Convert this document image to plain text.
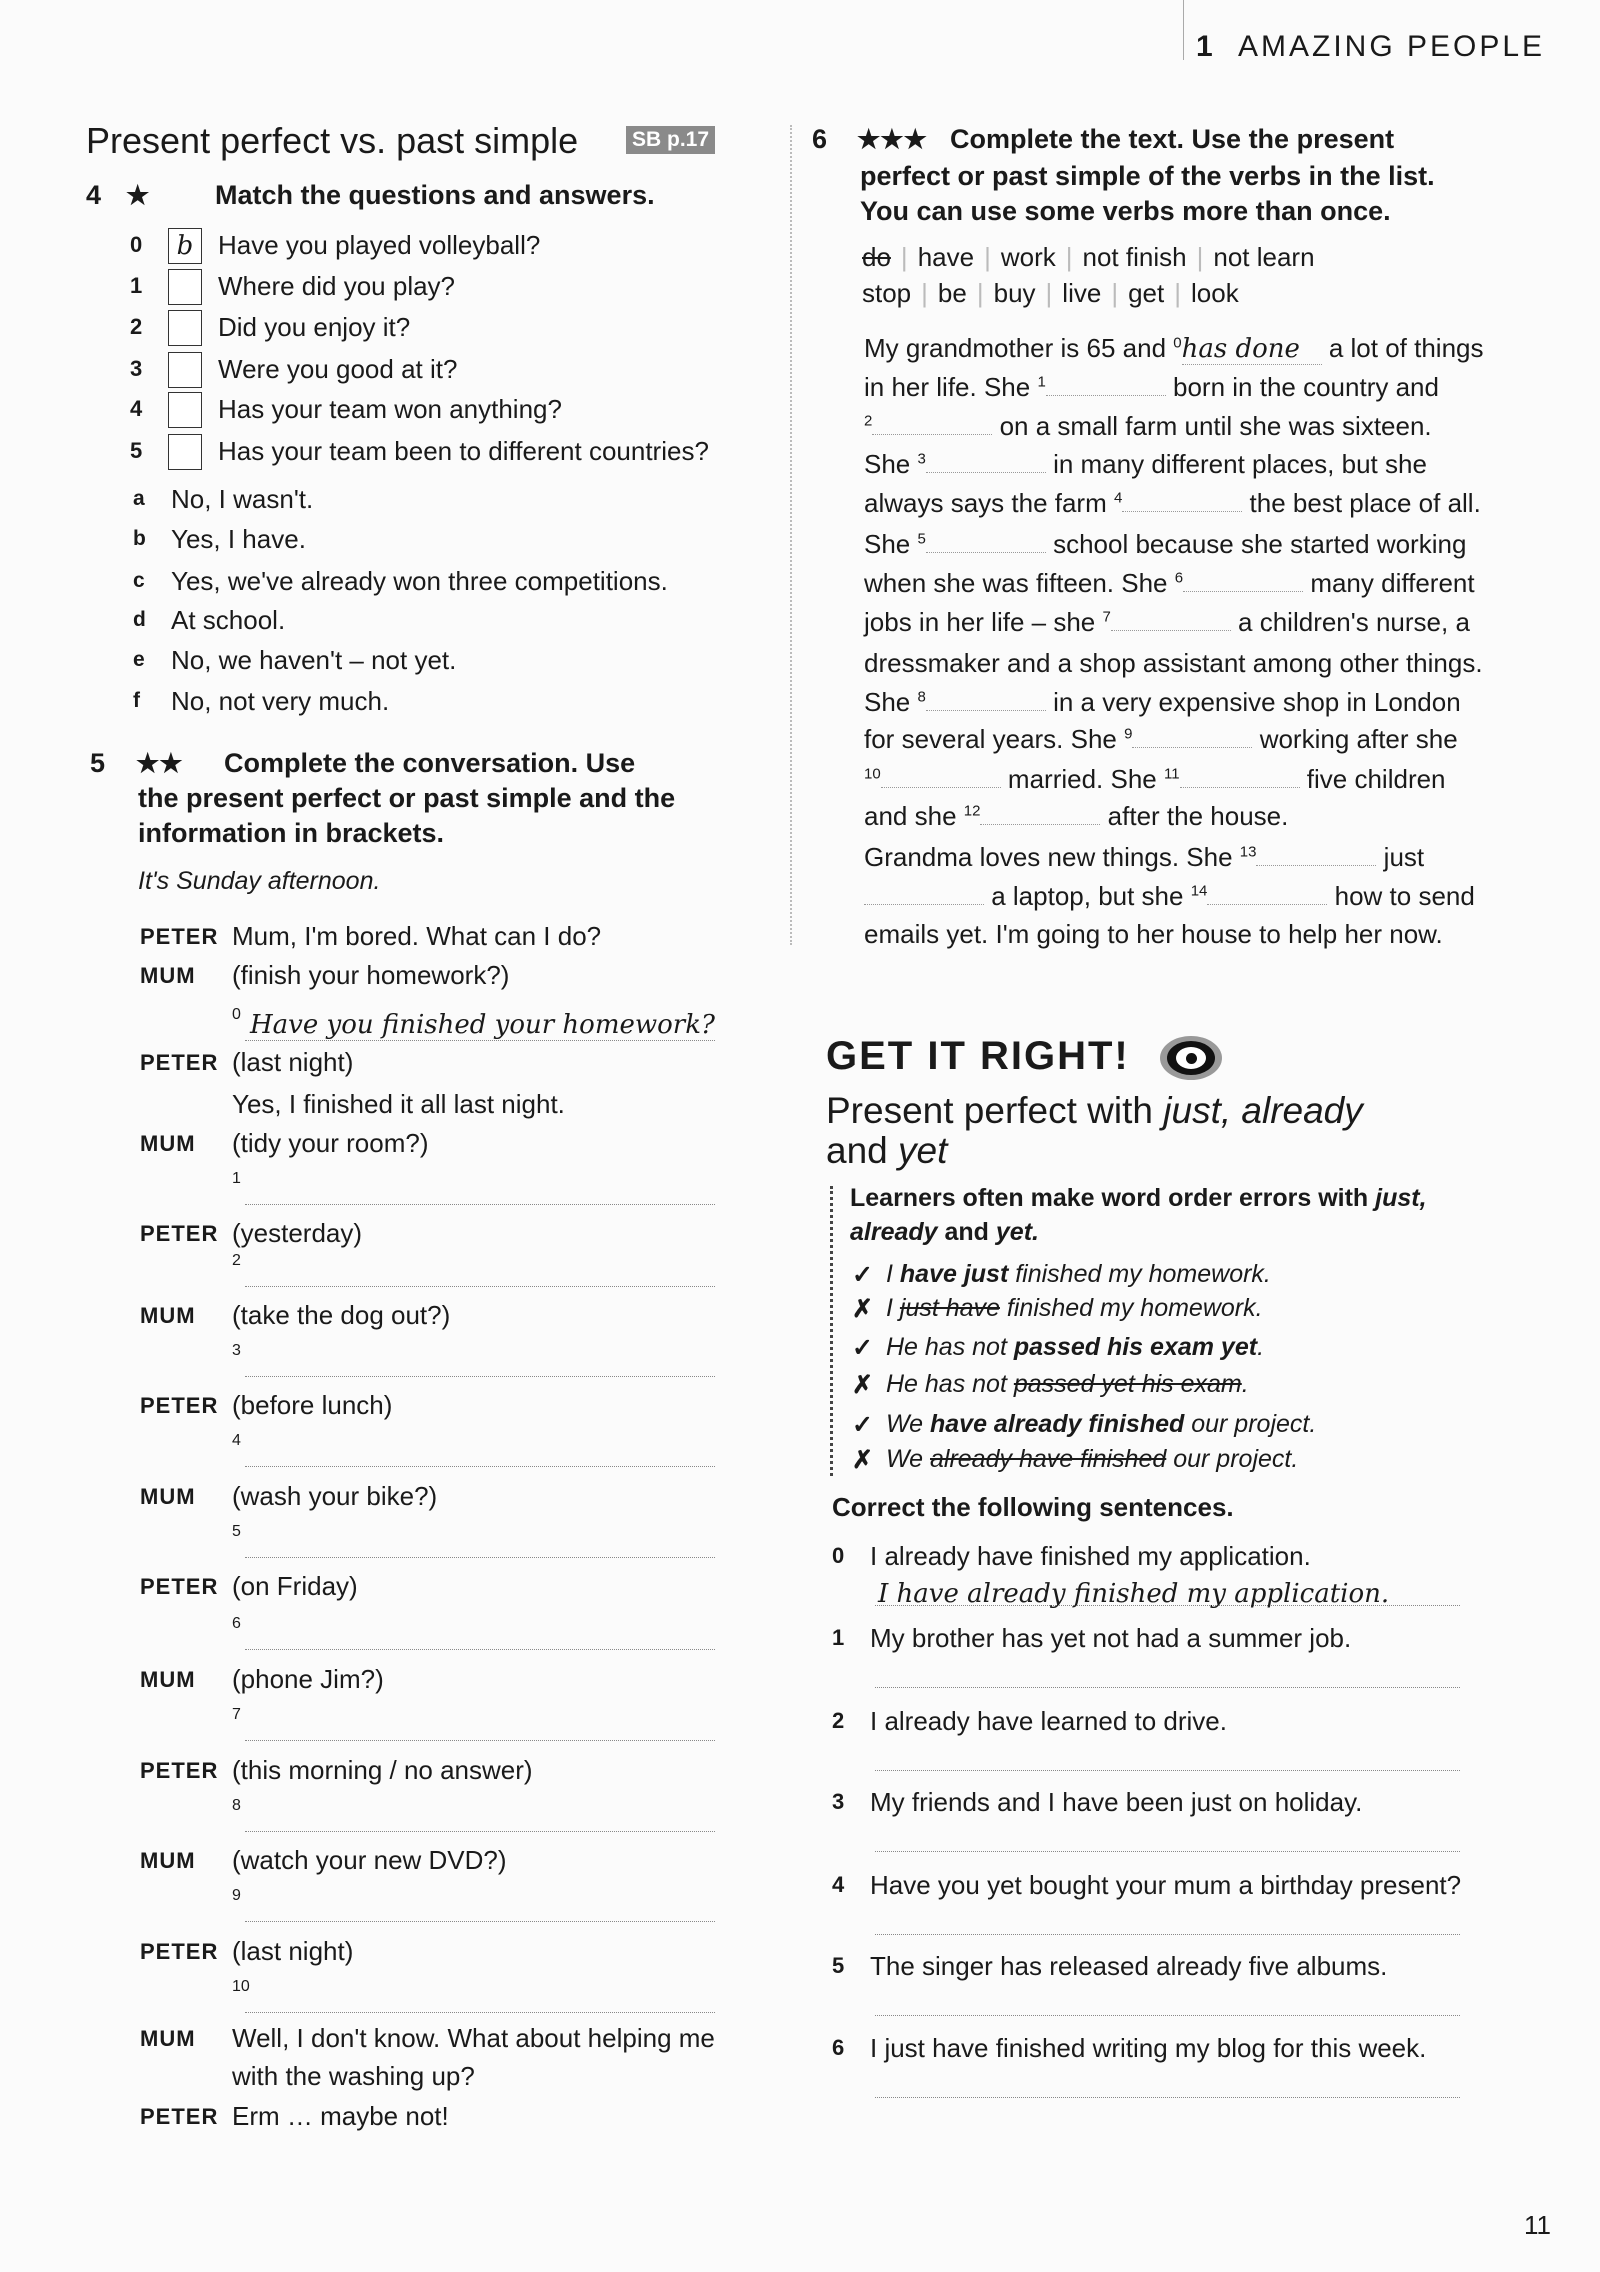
1 AMAZING PEOPLE
Present perfect vs. past simple	SB p.17
4 ★ Match the questions and answers.
5 ★★ Complete the conversation. Use
the present perfect or past simple and the
information in brackets.
It's Sunday afternoon.
6 ★★★ Complete the text. Use the present
perfect or past simple of the verbs in the list.
You can use some verbs more than once.
GET IT RIGHT!
Correct the following sentences.
11
0	b Have you played volleyball?
1	Where did you play?
2	Did you enjoy it?
3	Were you good at it?
4	Has your team won anything?
5	Has your team been to different countries?
a No, I wasn't.
b Yes, I have.
c Yes, we've already won three competitions.
d At school.
e No, we haven't – not yet.
f No, not very much.
PETER Mum, I'm bored. What can I do?
MUM (finish your homework?)
0 Have you finished your homework?
PETER (last night)
Yes, I finished it all last night.
MUM (tidy your room?)
1
PETER (yesterday)
2
MUM (take the dog out?)
3
PETER (before lunch)
4
MUM (wash your bike?)
5
PETER (on Friday)
6
MUM (phone Jim?)
7
PETER (this morning / no answer)
8
MUM (watch your new DVD?)
9
PETER (last night)
10
MUM Well, I don't know. What about helping me
with the washing up?
PETER Erm … maybe not!
do | have | work | not finish | not learn
stop | be | buy | live | get | look
My grandmother is 65 and $^0$has done a lot of things
in her life. She $^1$	born in the country and
$^2$	on a small farm until she was sixteen.
She $^3$	in many different places, but she
always says the farm $^4$	the best place of all.
She $^5$	school because she started working
when she was fifteen. She $^6$	many different
jobs in her life – she $^7$	a children's nurse, a
dressmaker and a shop assistant among other things.
She $^8$	in a very expensive shop in London
for several years. She $^9$	working after she
$^{10}$	married. She $^{11}$	five children
and she $^{12}$	after the house.
Grandma loves new things. She $^{13}$	just
a laptop, but she $^{14}$	how to send
emails yet. I'm going to her house to help her now.
Present perfect with just, already
and yet
Learners often make word order errors with just,
already and yet.
✓ I have just finished my homework.
✗ I just have finished my homework.
✓ He has not passed his exam yet.
✗ He has not passed yet his exam.
✓ We have already finished our project.
✗ We already have finished our project.
0 I already have finished my application.
I have already finished my application.
1 My brother has yet not had a summer job.
2 I already have learned to drive.
3 My friends and I have been just on holiday.
4 Have you yet bought your mum a birthday present?
5 The singer has released already five albums.
6 I just have finished writing my blog for this week.
